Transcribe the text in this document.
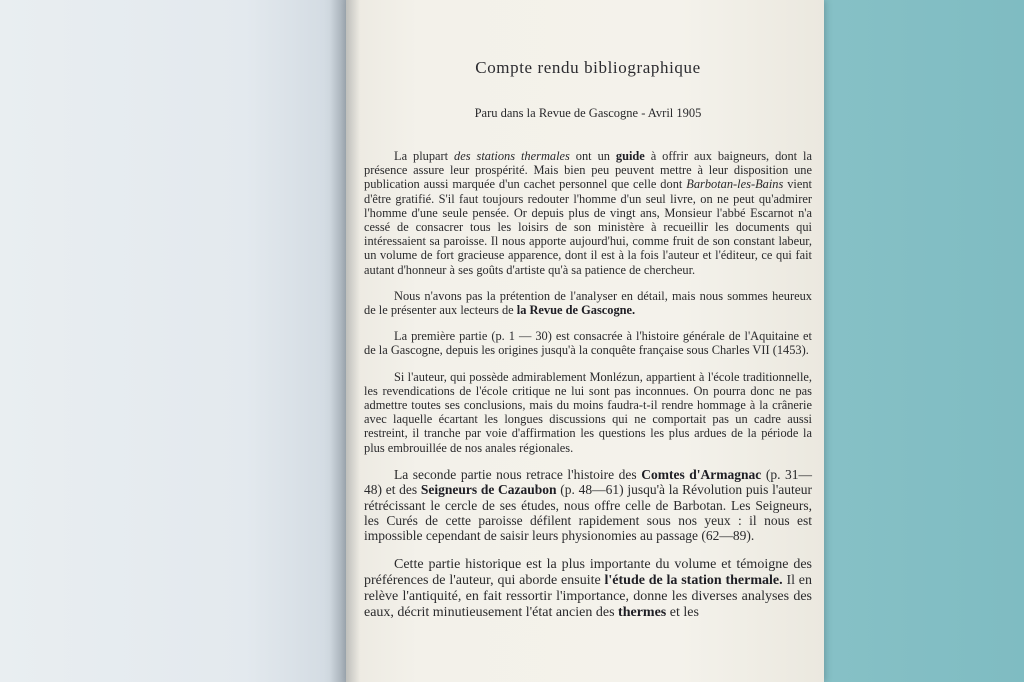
Compte rendu bibliographique

Paru dans la Revue de Gascogne - Avril 1905

La plupart des stations thermales ont un guide à offrir aux baigneurs, dont la présence assure leur prospérité. Mais bien peu peuvent mettre à leur disposition une publication aussi marquée d'un cachet personnel que celle dont Barbotan-les-Bains vient d'être gratifié. S'il faut toujours redouter l'homme d'un seul livre, on ne peut qu'admirer l'homme d'une seule pensée. Or depuis plus de vingt ans, Monsieur l'abbé Escarnot n'a cessé de consacrer tous les loisirs de son ministère à recueillir les documents qui intéressaient sa paroisse. Il nous apporte aujourd'hui, comme fruit de son constant labeur, un volume de fort gracieuse apparence, dont il est à la fois l'auteur et l'éditeur, ce qui fait autant d'honneur à ses goûts d'artiste qu'à sa patience de chercheur.

Nous n'avons pas la prétention de l'analyser en détail, mais nous sommes heureux de le présenter aux lecteurs de la Revue de Gascogne.

La première partie (p. 1 — 30) est consacrée à l'histoire générale de l'Aquitaine et de la Gascogne, depuis les origines jusqu'à la conquête française sous Charles VII (1453).

Si l'auteur, qui possède admirablement Monlézun, appartient à l'école traditionnelle, les revendications de l'école critique ne lui sont pas inconnues. On pourra donc ne pas admettre toutes ses conclusions, mais du moins faudra-t-il rendre hommage à la crânerie avec laquelle écartant les longues discussions qui ne comportait pas un cadre aussi restreint, il tranche par voie d'affirmation les questions les plus ardues de la période la plus embrouillée de nos anales régionales.

La seconde partie nous retrace l'histoire des Comtes d'Armagnac (p. 31—48) et des Seigneurs de Cazaubon (p. 48—61) jusqu'à la Révolution puis l'auteur rétrécissant le cercle de ses études, nous offre celle de Barbotan. Les Seigneurs, les Curés de cette paroisse défilent rapidement sous nos yeux : il nous est impossible cependant de saisir leurs physionomies au passage (62—89).

Cette partie historique est la plus importante du volume et témoigne des préférences de l'auteur, qui aborde ensuite l'étude de la station thermale. Il en relève l'antiquité, en fait ressortir l'importance, donne les diverses analyses des eaux, décrit minutieusement l'état ancien des thermes et les
